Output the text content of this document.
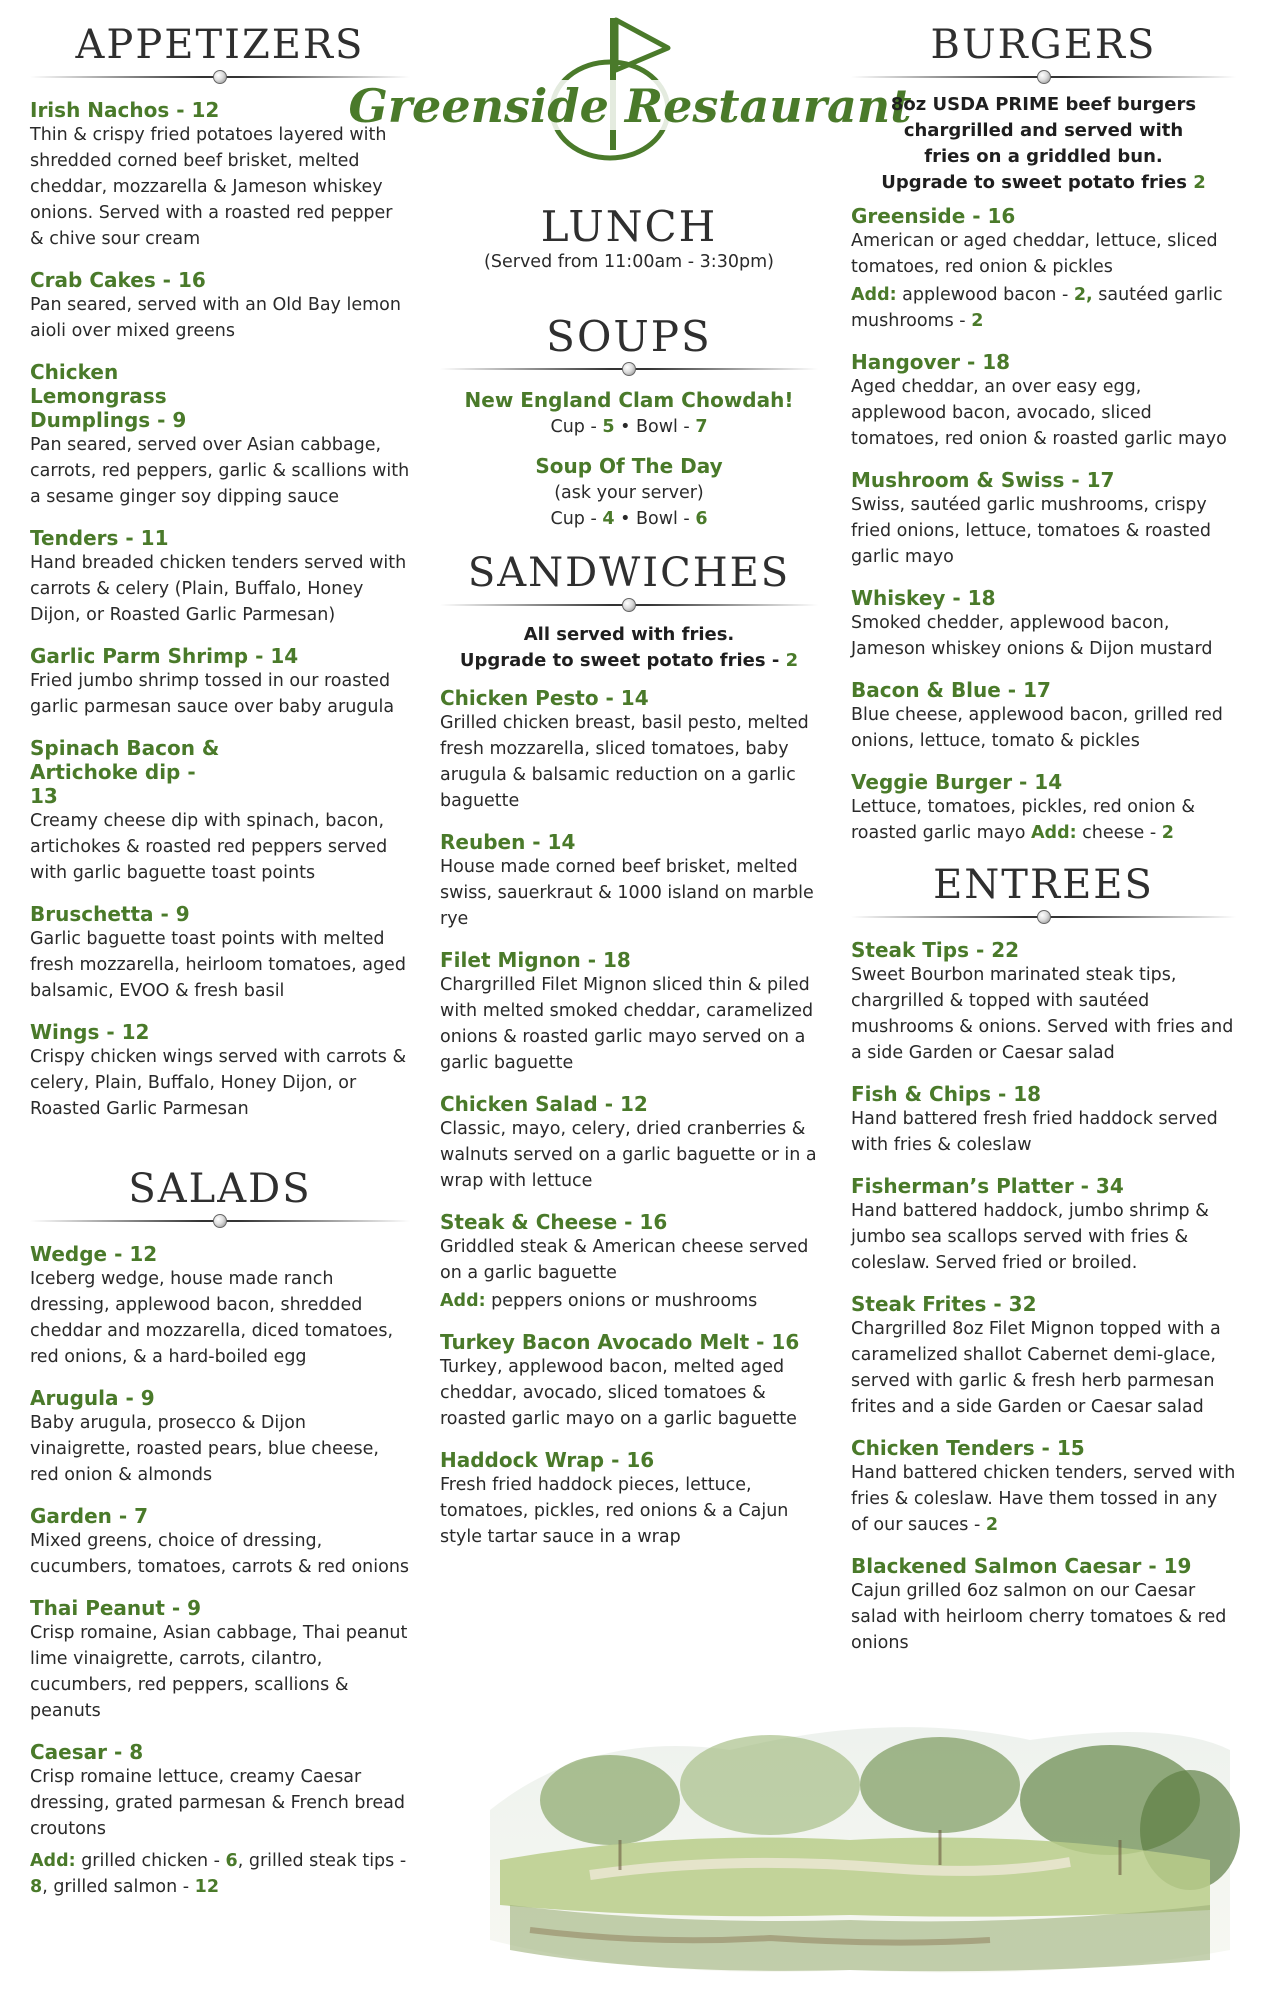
APPETIZERS
Irish Nachos - 12
Thin & crispy fried potatoes layered with shredded corned beef brisket, melted cheddar, mozzarella & Jameson whiskey onions. Served with a roasted red pepper & chive sour cream
Crab Cakes - 16
Pan seared, served with an Old Bay lemon aioli over mixed greens
Chicken Lemongrass Dumplings - 9
Pan seared, served over Asian cabbage, carrots, red peppers, garlic & scallions with a sesame ginger soy dipping sauce
Tenders - 11
Hand breaded chicken tenders served with carrots & celery (Plain, Buffalo, Honey Dijon, or Roasted Garlic Parmesan)
Garlic Parm Shrimp - 14
Fried jumbo shrimp tossed in our roasted garlic parmesan sauce over baby arugula
Spinach Bacon & Artichoke dip - 13
Creamy cheese dip with spinach, bacon, artichokes & roasted red peppers served with garlic baguette toast points
Bruschetta - 9
Garlic baguette toast points with melted fresh mozzarella, heirloom tomatoes, aged balsamic, EVOO & fresh basil
Wings - 12
Crispy chicken wings served with carrots & celery, Plain, Buffalo, Honey Dijon, or Roasted Garlic Parmesan
SALADS
Wedge - 12
Iceberg wedge, house made ranch dressing, applewood bacon, shredded cheddar and mozzarella, diced tomatoes, red onions, & a hard-boiled egg
Arugula - 9
Baby arugula, prosecco & Dijon vinaigrette, roasted pears, blue cheese, red onion & almonds
Garden - 7
Mixed greens, choice of dressing, cucumbers, tomatoes, carrots & red onions
Thai Peanut - 9
Crisp romaine, Asian cabbage, Thai peanut lime vinaigrette, carrots, cilantro, cucumbers, red peppers, scallions & peanuts
Caesar - 8
Crisp romaine lettuce, creamy Caesar dressing, grated parmesan & French bread croutons
Add: grilled chicken - 6, grilled steak tips - 8, grilled salmon - 12
Greenside Restaurant
LUNCH
(Served from 11:00am - 3:30pm)
SOUPS
New England Clam Chowdah!
Cup - 5 • Bowl - 7
Soup Of The Day
(ask your server)
Cup - 4 • Bowl - 6
SANDWICHES
All served with fries.
Upgrade to sweet potato fries - 2
Chicken Pesto - 14
Grilled chicken breast, basil pesto, melted fresh mozzarella, sliced tomatoes, baby arugula & balsamic reduction on a garlic baguette
Reuben - 14
House made corned beef brisket, melted swiss, sauerkraut & 1000 island on marble rye
Filet Mignon - 18
Chargrilled Filet Mignon sliced thin & piled with melted smoked cheddar, caramelized onions & roasted garlic mayo served on a garlic baguette
Chicken Salad - 12
Classic, mayo, celery, dried cranberries & walnuts served on a garlic baguette or in a wrap with lettuce
Steak & Cheese - 16
Griddled steak & American cheese served on a garlic baguette
Add: peppers onions or mushrooms
Turkey Bacon Avocado Melt - 16
Turkey, applewood bacon, melted aged cheddar, avocado, sliced tomatoes & roasted garlic mayo on a garlic baguette
Haddock Wrap - 16
Fresh fried haddock pieces, lettuce, tomatoes, pickles, red onions & a Cajun style tartar sauce in a wrap
BURGERS
8oz USDA PRIME beef burgers chargrilled and served with fries on a griddled bun. Upgrade to sweet potato fries 2
Greenside - 16
American or aged cheddar, lettuce, sliced tomatoes, red onion & pickles
Add: applewood bacon - 2, sautéed garlic mushrooms - 2
Hangover - 18
Aged cheddar, an over easy egg, applewood bacon, avocado, sliced tomatoes, red onion & roasted garlic mayo
Mushroom & Swiss - 17
Swiss, sautéed garlic mushrooms, crispy fried onions, lettuce, tomatoes & roasted garlic mayo
Whiskey - 18
Smoked chedder, applewood bacon, Jameson whiskey onions & Dijon mustard
Bacon & Blue - 17
Blue cheese, applewood bacon, grilled red onions, lettuce, tomato & pickles
Veggie Burger - 14
Lettuce, tomatoes, pickles, red onion & roasted garlic mayo Add: cheese - 2
ENTREES
Steak Tips - 22
Sweet Bourbon marinated steak tips, chargrilled & topped with sautéed mushrooms & onions. Served with fries and a side Garden or Caesar salad
Fish & Chips - 18
Hand battered fresh fried haddock served with fries & coleslaw
Fisherman’s Platter - 34
Hand battered haddock, jumbo shrimp & jumbo sea scallops served with fries & coleslaw. Served fried or broiled.
Steak Frites - 32
Chargrilled 8oz Filet Mignon topped with a caramelized shallot Cabernet demi-glace, served with garlic & fresh herb parmesan frites and a side Garden or Caesar salad
Chicken Tenders - 15
Hand battered chicken tenders, served with fries & coleslaw. Have them tossed in any of our sauces - 2
Blackened Salmon Caesar - 19
Cajun grilled 6oz salmon on our Caesar salad with heirloom cherry tomatoes & red onions
